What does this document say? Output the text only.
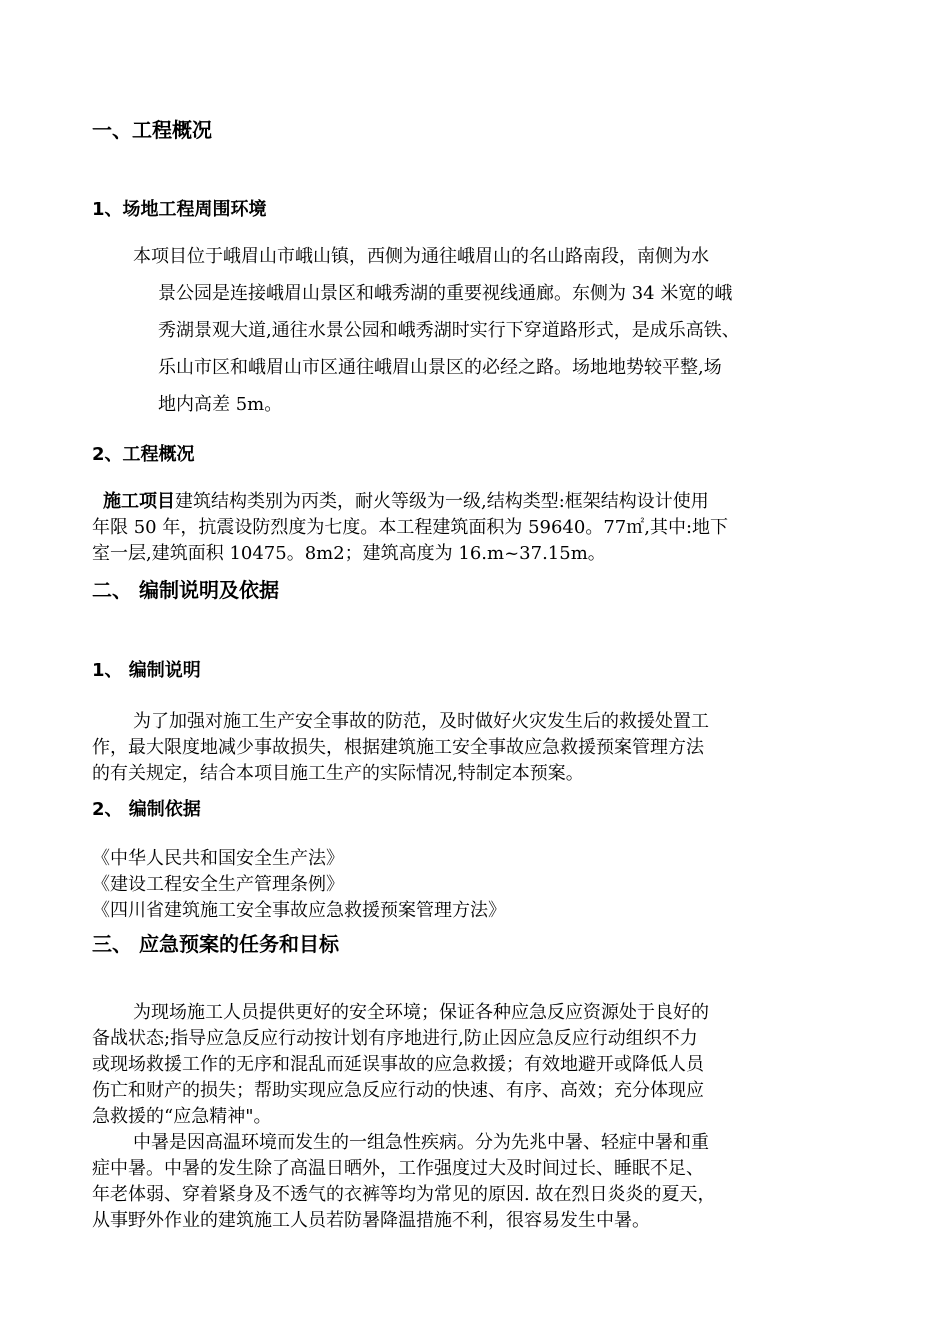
一、工程概况
1、场地工程周围环境
本项目位于峨眉山市峨山镇，西侧为通往峨眉山的名山路南段，南侧为水
景公园是连接峨眉山景区和峨秀湖的重要视线通廊。东侧为 34 米宽的峨
秀湖景观大道,通往水景公园和峨秀湖时实行下穿道路形式，是成乐高铁、
乐山市区和峨眉山市区通往峨眉山景区的必经之路。场地地势较平整,场
地内高差 5m。
2、工程概况
施工项目建筑结构类别为丙类，耐火等级为一级,结构类型:框架结构设计使用
年限 50 年，抗震设防烈度为七度。本工程建筑面积为 59640。77㎡,其中:地下
室一层,建筑面积 10475。8m2；建筑高度为 16.m~37.15m。
二、 编制说明及依据
1、 编制说明
为了加强对施工生产安全事故的防范，及时做好火灾发生后的救援处置工
作，最大限度地减少事故损失，根据建筑施工安全事故应急救援预案管理方法
的有关规定，结合本项目施工生产的实际情况,特制定本预案。
2、 编制依据
《中华人民共和国安全生产法》
《建设工程安全生产管理条例》
《四川省建筑施工安全事故应急救援预案管理方法》
三、 应急预案的任务和目标
为现场施工人员提供更好的安全环境；保证各种应急反应资源处于良好的
备战状态;指导应急反应行动按计划有序地进行,防止因应急反应行动组织不力
或现场救援工作的无序和混乱而延误事故的应急救援；有效地避开或降低人员
伤亡和财产的损失；帮助实现应急反应行动的快速、有序、高效；充分体现应
急救援的“应急精神"。
中暑是因高温环境而发生的一组急性疾病。分为先兆中暑、轻症中暑和重
症中暑。中暑的发生除了高温日晒外，工作强度过大及时间过长、睡眠不足、
年老体弱、穿着紧身及不透气的衣裤等均为常见的原因. 故在烈日炎炎的夏天，
从事野外作业的建筑施工人员若防暑降温措施不利，很容易发生中暑。
